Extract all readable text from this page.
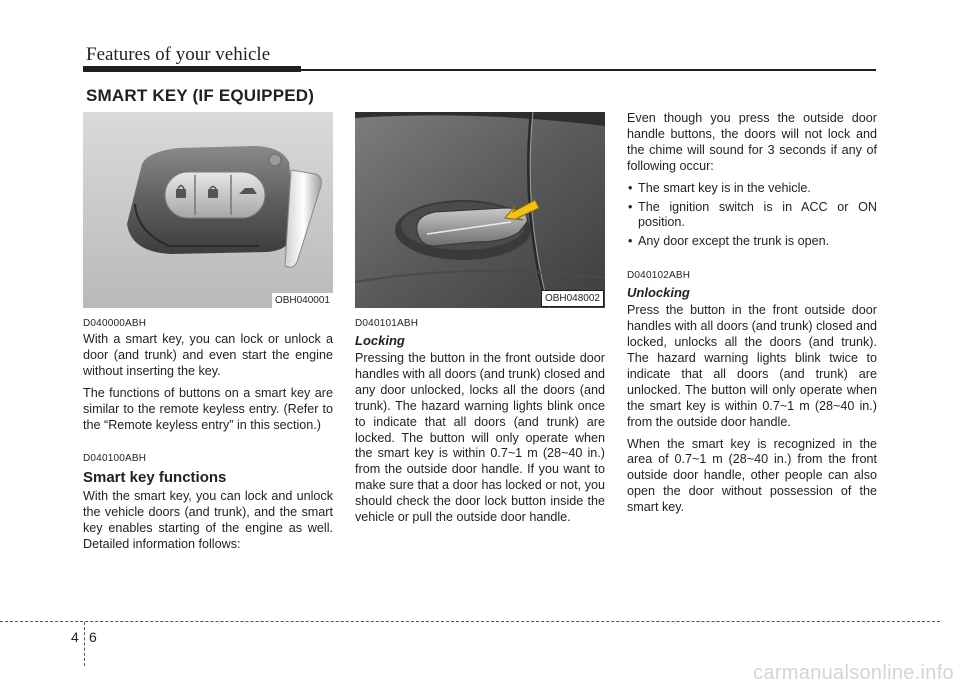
Features of your vehicle
SMART KEY (IF EQUIPPED)
OBH040001
D040000ABH

With a smart key, you can lock or unlock a door (and trunk) and even start the engine without inserting the key.

The functions of buttons on a smart key are similar to the remote keyless entry. (Refer to the “Remote keyless entry” in this section.)

D040100ABH
Smart key functions

With the smart key, you can lock and unlock the vehicle doors (and trunk), and the smart key enables starting of the engine as well. Detailed information follows:

OBH048002
D040101ABH
Locking

Pressing the button in the front outside door handles with all doors (and trunk) closed and any door unlocked, locks all the doors (and trunk). The hazard warning lights blink once to indicate that all doors (and trunk) are locked. The button will only operate when the smart key is within 0.7~1 m (28~40 in.) from the outside door handle. If you want to make sure that a door has locked or not, you should check the door lock button inside the vehicle or pull the outside door handle.

Even though you press the outside door handle buttons, the doors will not lock and the chime will sound for 3 seconds if any of following occur:

• The smart key is in the vehicle.
• The ignition switch is in ACC or ON position.
• Any door except the trunk is open.
D040102ABH
Unlocking

Press the button in the front outside door handles with all doors (and trunk) closed and locked, unlocks all the doors (and trunk). The hazard warning lights blink twice to indicate that all doors (and trunk) are unlocked. The button will only operate when the smart key is within 0.7~1 m (28~40 in.) from the outside door handle.

When the smart key is recognized in the area of 0.7~1 m (28~40 in.) from the front outside door handle, other people can also open the door without possession of the smart key.

4 6
carmanualsonline.info
